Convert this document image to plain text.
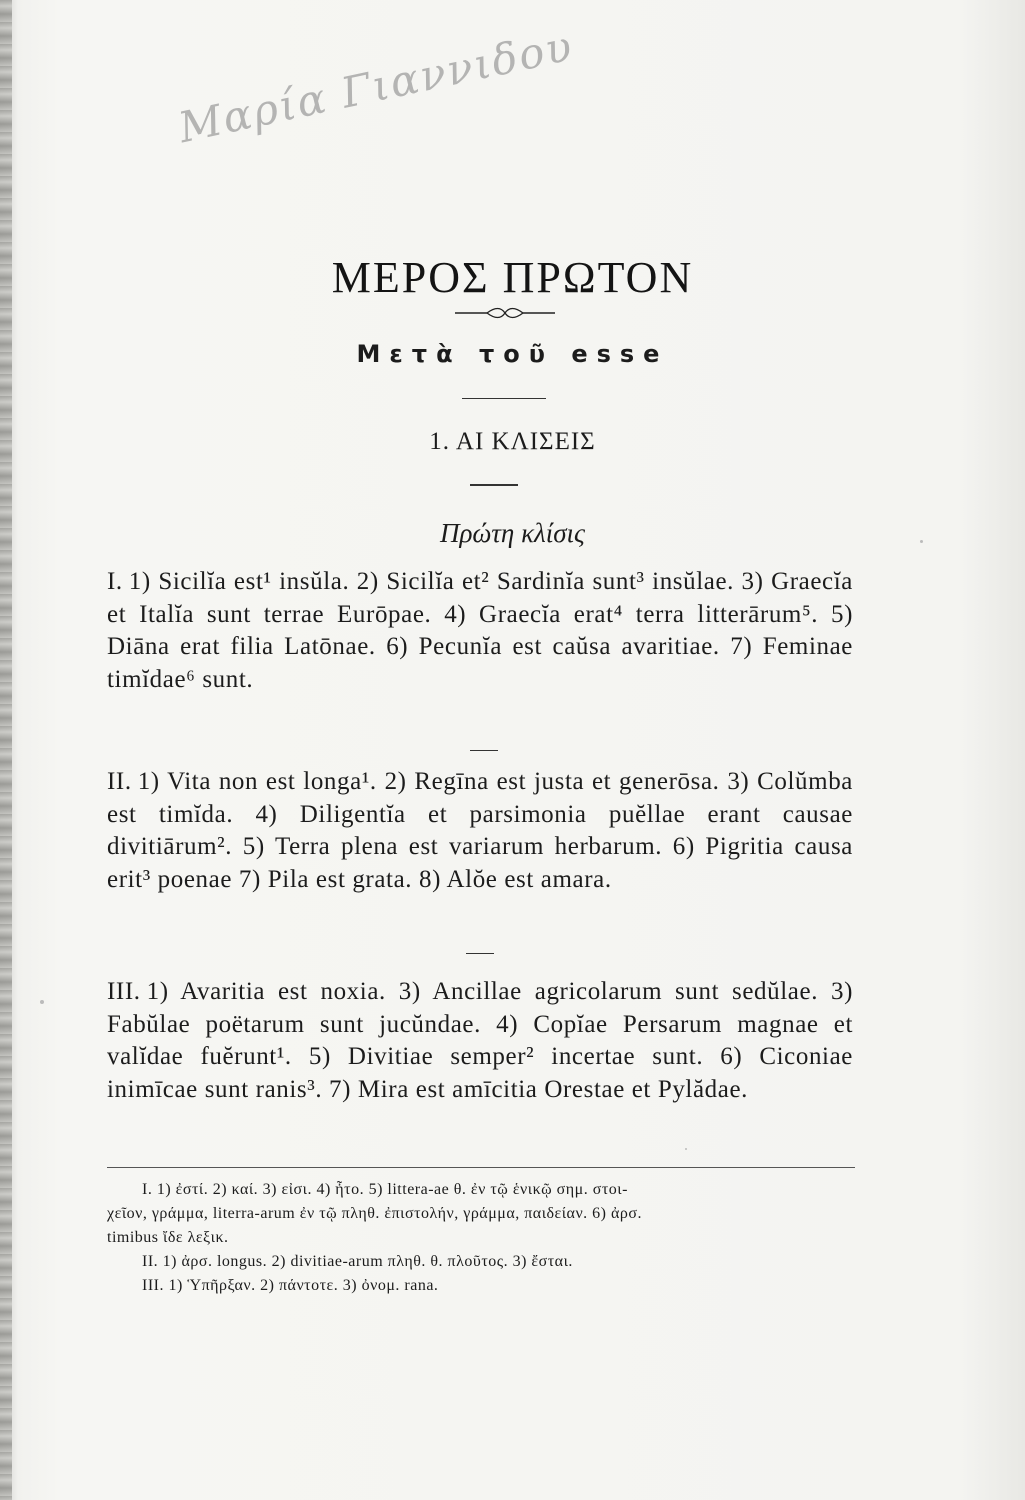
Μαρία Γιαννιδου
ΜΕΡΟΣ ΠΡΩΤΟΝ
Μετὰ τοῦ esse
1. ΑΙ ΚΛΙΣΕΙΣ
Πρώτη κλίσις
I. 1) Sicilĭa est¹ insŭla. 2) Sicilĭa et² Sardinĭa sunt³ insŭlae. 3) Graecĭa et Italĭa sunt terrae Eurōpae. 4) Graecĭa erat⁴ terra litterārum⁵. 5) Diāna erat filia Latōnae. 6) Pecunĭa est caŭsa avaritiae. 7) Feminae timĭdae⁶ sunt.
II. 1) Vita non est longa¹. 2) Regīna est justa et generōsa. 3) Colŭmba est timĭda. 4) Diligentĭa et parsimonia puĕllae erant causae divitiārum². 5) Terra plena est variarum herbarum. 6) Pigritia causa erit³ poenae 7) Pila est grata. 8) Alŏe est amara.
III. 1) Avaritia est noxia. 3) Ancillae agricolarum sunt sedŭlae. 3) Fabŭlae poëtarum sunt jucŭndae. 4) Copĭae Persarum magnae et valĭdae fuĕrunt¹. 5) Divitiae semper² incertae sunt. 6) Ciconiae inimīcae sunt ranis³. 7) Mira est amīcitia Orestae et Pylădae.
I. 1) ἐστί. 2) καί. 3) εἰσι. 4) ἦτο. 5) littera-ae θ. ἐν τῷ ἑνικῷ σημ. στοι-
χεῖον, γράμμα, literra-arum ἐν τῷ πληθ. ἐπιστολήν, γράμμα, παιδείαν. 6) ἀρσ.
timibus ἴδε λεξικ.
II. 1) ἀρσ. longus. 2) divitiae-arum πληθ. θ. πλοῦτος. 3) ἔσται.
III. 1) Ὑπῆρξαν. 2) πάντοτε. 3) ὀνομ. rana.
